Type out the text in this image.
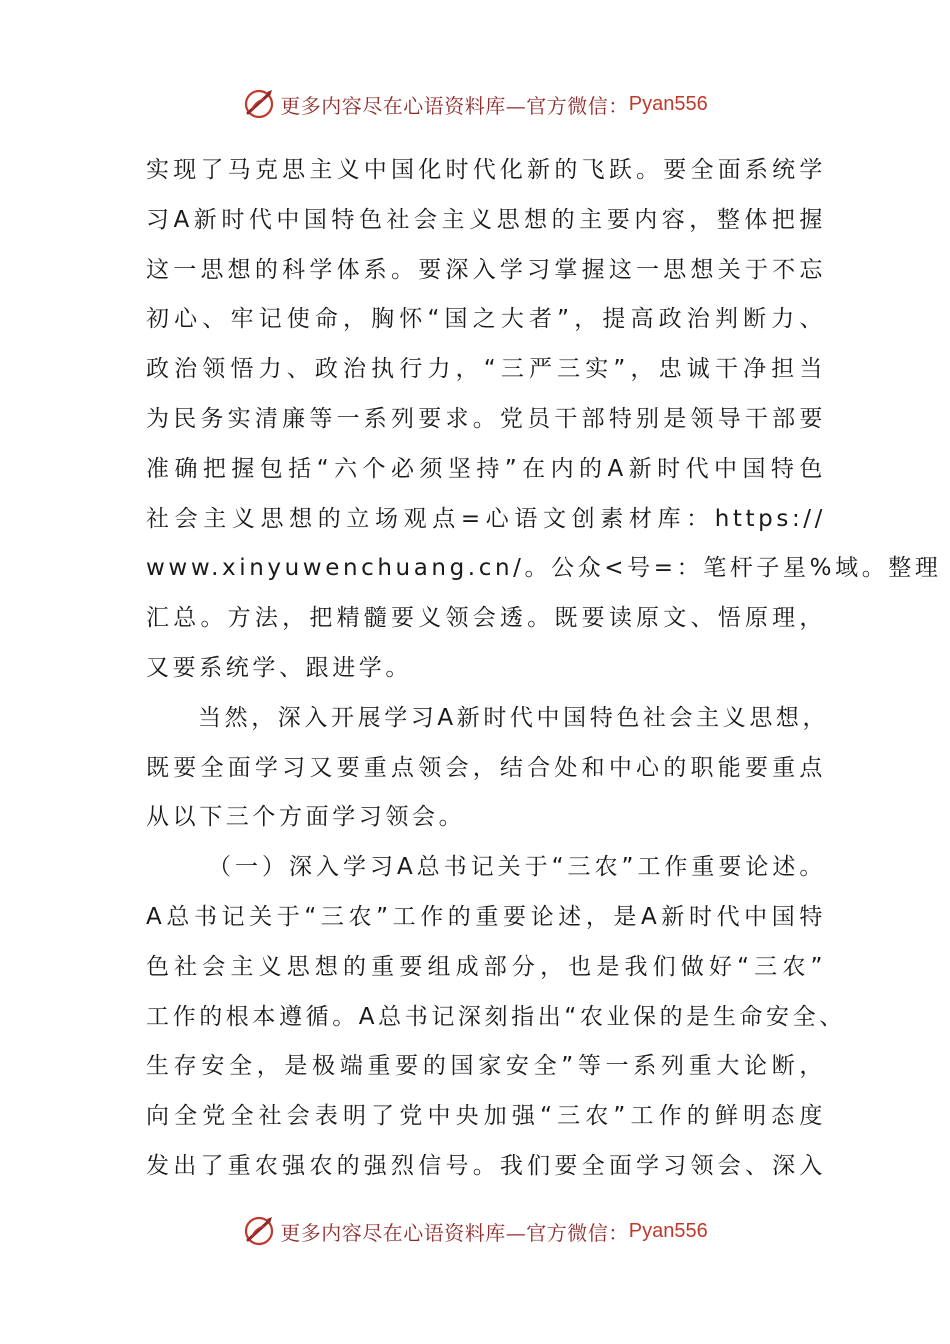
更多内容尽在心语资料库—官方微信： Pyan556
实现了马克思主义中国化时代化新的飞跃。要全面系统学
习A新时代中国特色社会主义思想的主要内容，整体把握
这一思想的科学体系。要深入学习掌握这一思想关于不忘
初心、牢记使命，胸怀“国之大者”，提高政治判断力、
政治领悟力、政治执行力，“三严三实”，忠诚干净担当
为民务实清廉等一系列要求。党员干部特别是领导干部要
准确把握包括“六个必须坚持”在内的A新时代中国特色
社会主义思想的立场观点=心语文创素材库：https://
www.xinyuwenchuang.cn/。公众<号=：笔杆子星%域。整理
汇总。方法，把精髓要义领会透。既要读原文、悟原理，
又要系统学、跟进学。
当然，深入开展学习A新时代中国特色社会主义思想，
既要全面学习又要重点领会，结合处和中心的职能要重点
从以下三个方面学习领会。
（一）深入学习A总书记关于“三农”工作重要论述。
A总书记关于“三农”工作的重要论述，是A新时代中国特
色社会主义思想的重要组成部分，也是我们做好“三农”
工作的根本遵循。A总书记深刻指出“农业保的是生命安全、
生存安全，是极端重要的国家安全”等一系列重大论断，
向全党全社会表明了党中央加强“三农”工作的鲜明态度
发出了重农强农的强烈信号。我们要全面学习领会、深入
更多内容尽在心语资料库—官方微信： Pyan556
